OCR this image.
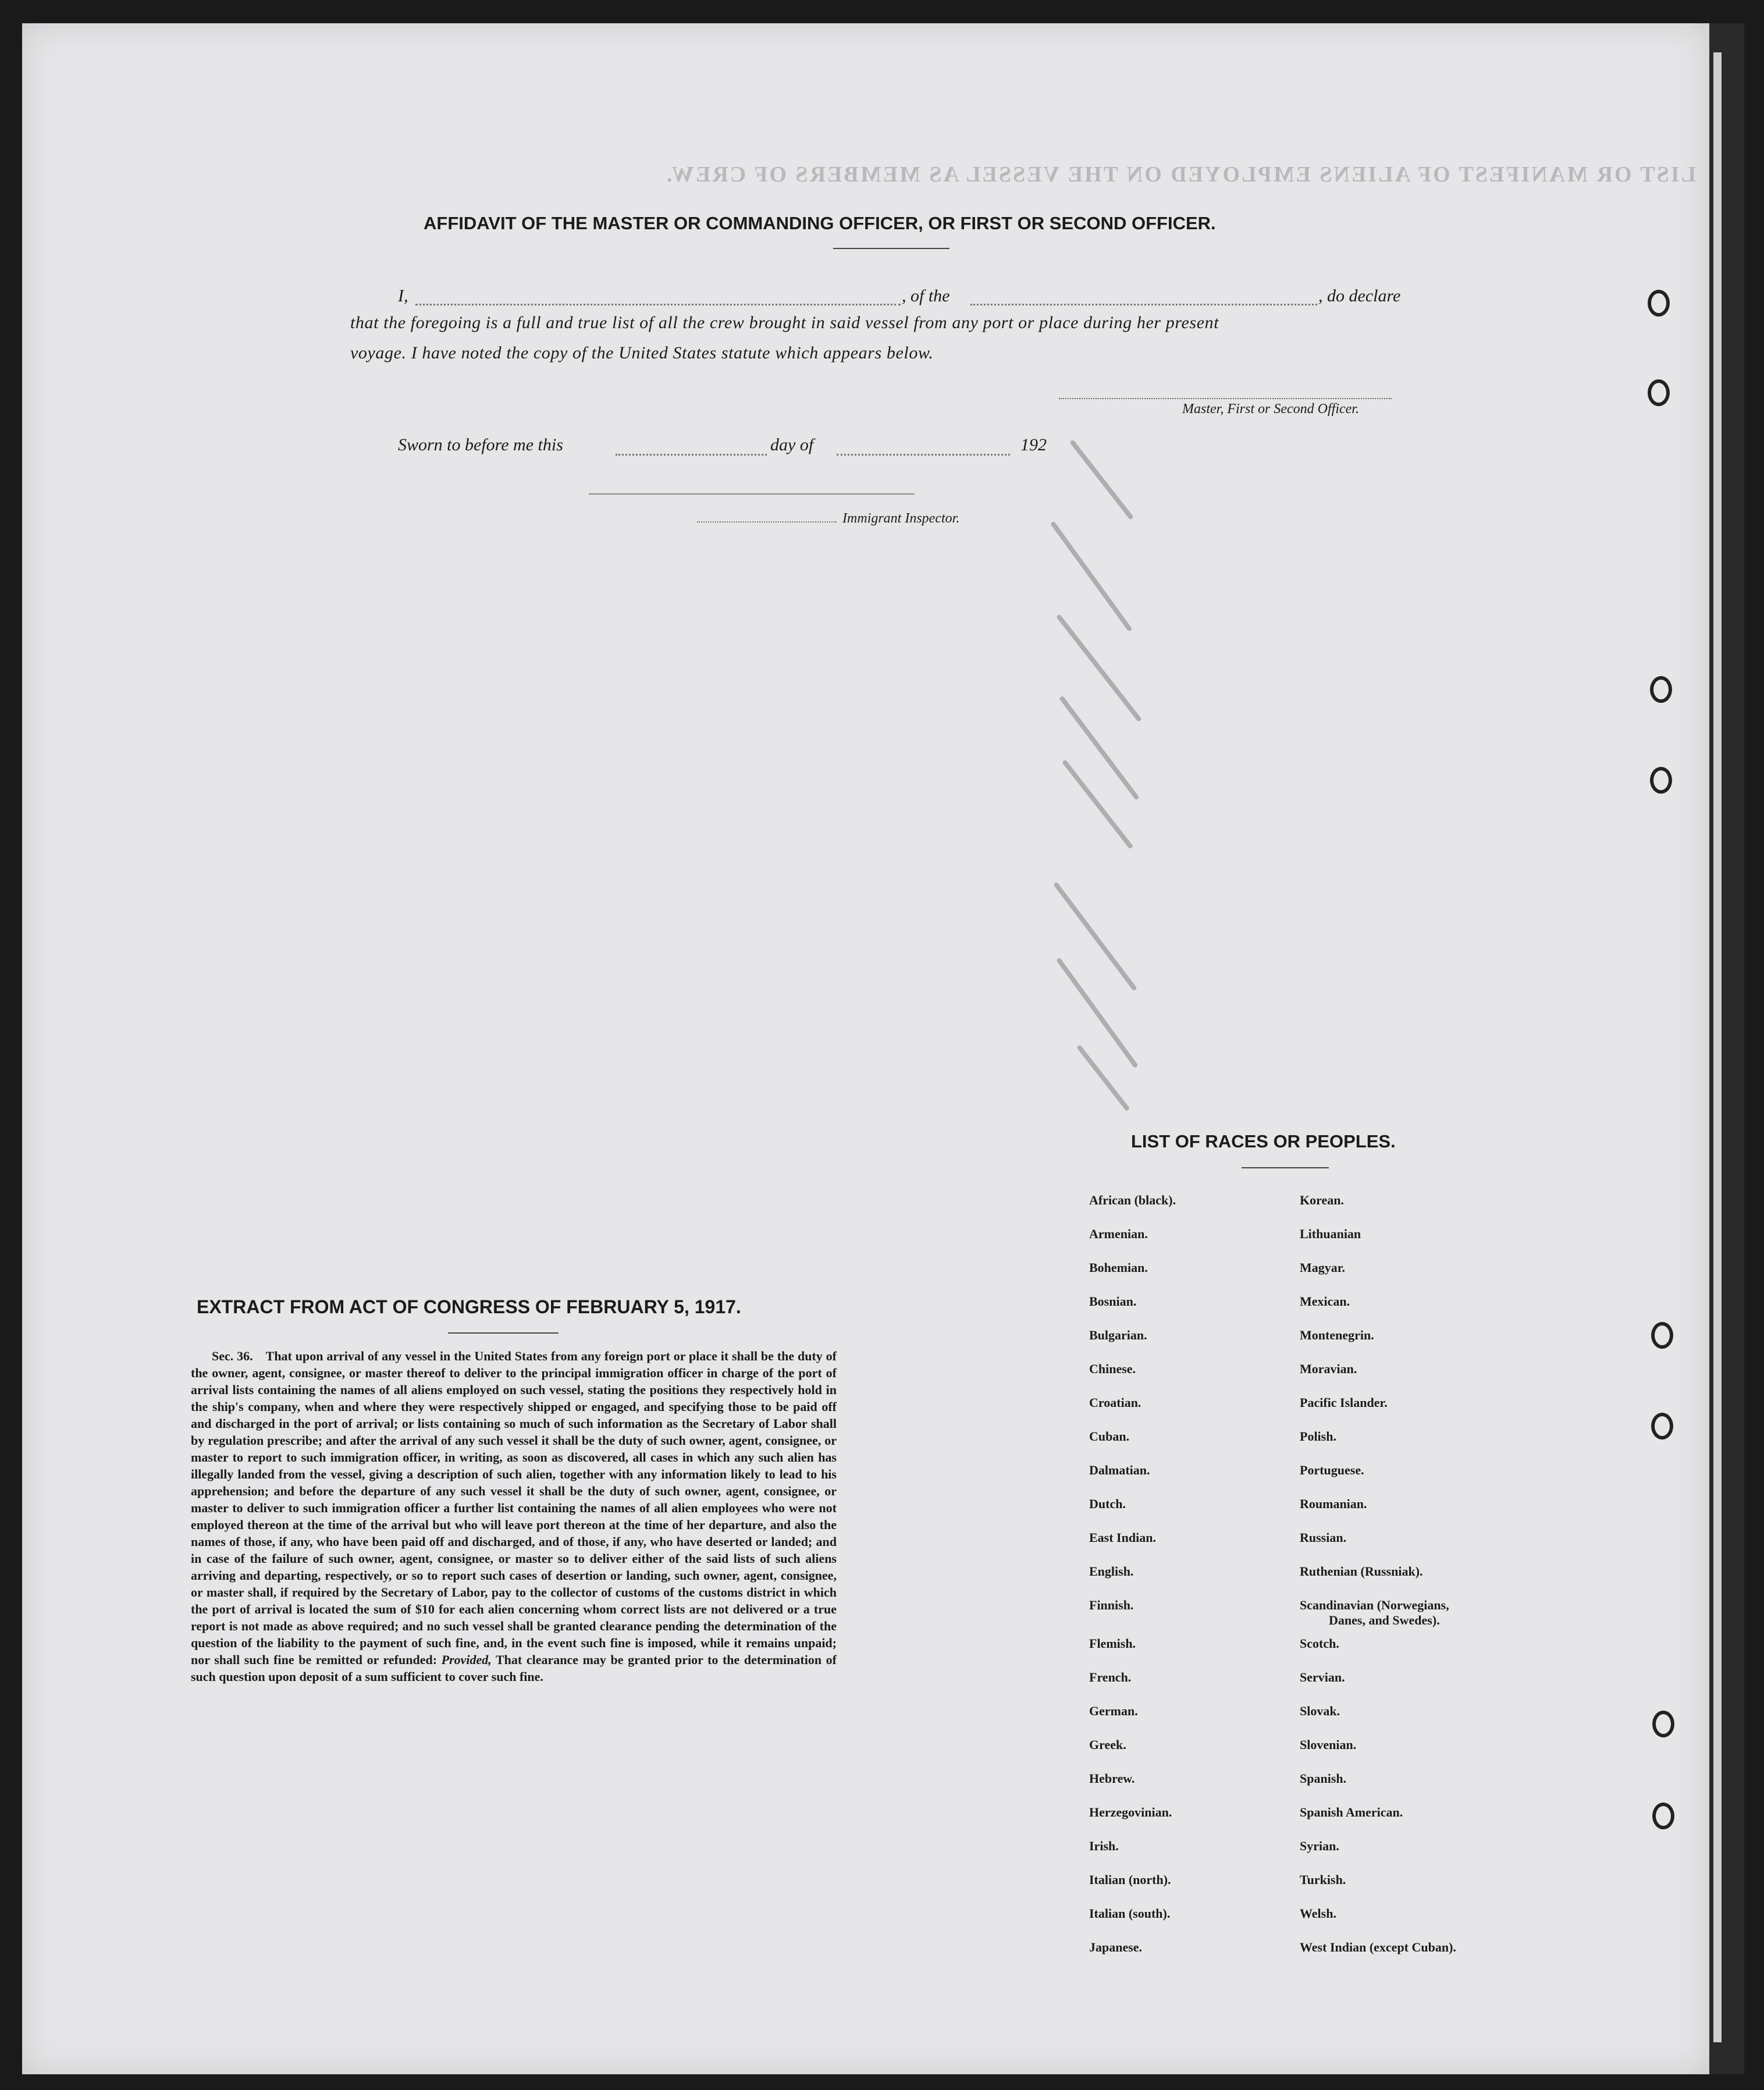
LIST OR MANIFEST OF ALIENS EMPLOYED ON THE VESSEL AS MEMBERS OF CREW.
AFFIDAVIT OF THE MASTER OR COMMANDING OFFICER, OR FIRST OR SECOND OFFICER.
I,	, of the	, do declare
that the foregoing is a full and true list of all the crew brought in said vessel from any port or place during her present
voyage. I have noted the copy of the United States statute which appears below.
Master, First or Second Officer.
Sworn to before me this	day of	192
Immigrant Inspector.
LIST OF RACES OR PEOPLES.
African (black).	Korean.
Armenian.	Lithuanian
Bohemian.	Magyar.
Bosnian.	Mexican.
Bulgarian.	Montenegrin.
Chinese.	Moravian.
Croatian.	Pacific Islander.
Cuban.	Polish.
Dalmatian.	Portuguese.
Dutch.	Roumanian.
East Indian.	Russian.
English.	Ruthenian (Russniak).
Finnish.	Scandinavian (Norwegians,
Danes, and Swedes).

Flemish.	Scotch.
French.	Servian.
German.	Slovak.
Greek.	Slovenian.
Hebrew.	Spanish.
Herzegovinian.	Spanish American.
Irish.	Syrian.
Italian (north).	Turkish.
Italian (south).	Welsh.
Japanese.	West Indian (except Cuban).
EXTRACT FROM ACT OF CONGRESS OF FEBRUARY 5, 1917.

Sec. 36. That upon arrival of any vessel in the United States from any foreign port or place it shall be the duty of the owner, agent, consignee, or master thereof to deliver to the principal immigration officer in charge of the port of arrival lists containing the names of all aliens employed on such vessel, stating the positions they respectively hold in the ship's company, when and where they were respectively shipped or engaged, and specifying those to be paid off and discharged in the port of arrival; or lists containing so much of such information as the Secretary of Labor shall by regulation prescribe; and after the arrival of any such vessel it shall be the duty of such owner, agent, consignee, or master to report to such immigration officer, in writing, as soon as discovered, all cases in which any such alien has illegally landed from the vessel, giving a description of such alien, together with any information likely to lead to his apprehension; and before the departure of any such vessel it shall be the duty of such owner, agent, consignee, or master to deliver to such immigration officer a further list containing the names of all alien employees who were not employed thereon at the time of the arrival but who will leave port thereon at the time of her departure, and also the names of those, if any, who have been paid off and discharged, and of those, if any, who have deserted or landed; and in case of the failure of such owner, agent, consignee, or master so to deliver either of the said lists of such aliens arriving and departing, respectively, or so to report such cases of desertion or landing, such owner, agent, consignee, or master shall, if required by the Secretary of Labor, pay to the collector of customs of the customs district in which the port of arrival is located the sum of $10 for each alien concerning whom correct lists are not delivered or a true report is not made as above required; and no such vessel shall be granted clearance pending the determination of the question of the liability to the payment of such fine, and, in the event such fine is imposed, while it remains unpaid; nor shall such fine be remitted or refunded: Provided, That clearance may be granted prior to the determination of such question upon deposit of a sum sufficient to cover such fine.
